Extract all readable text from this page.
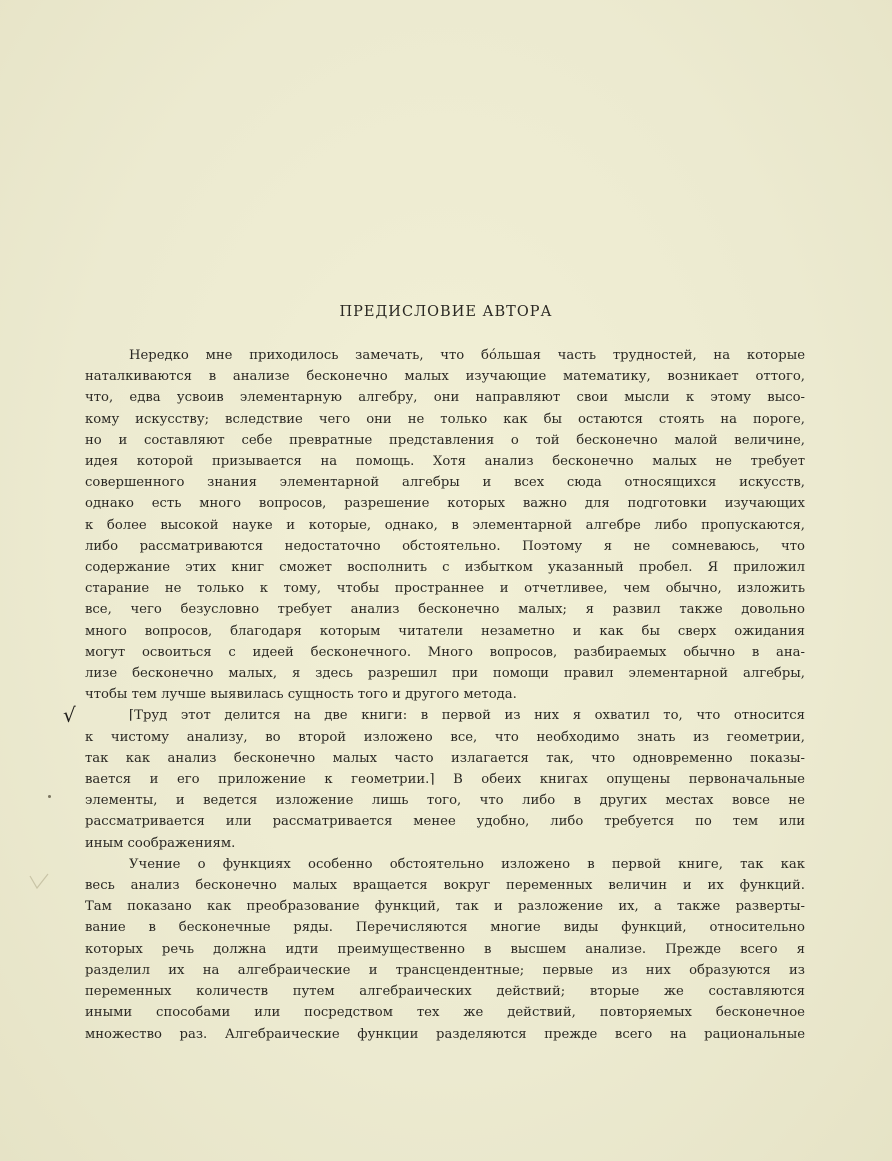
ПРЕДИСЛОВИЕ АВТОРА
√
Нередко мне приходилось замечать, что бóльшая часть трудностей, на которые
наталкиваются в анализе бесконечно малых изучающие математику, возникает оттого,
что, едва усвоив элементарную алгебру, они направляют свои мысли к этому высо-
кому искусству; вследствие чего они не только как бы остаются стоять на пороге,
но и составляют себе превратные представления о той бесконечно малой величине,
идея которой призывается на помощь. Хотя анализ бесконечно малых не требует
совершенного знания элементарной алгебры и всех сюда относящихся искусств,
однако есть много вопросов, разрешение которых важно для подготовки изучающих
к более высокой науке и которые, однако, в элементарной алгебре либо пропускаются,
либо рассматриваются недостаточно обстоятельно. Поэтому я не сомневаюсь, что
содержание этих книг сможет восполнить с избытком указанный пробел. Я приложил
старание не только к тому, чтобы пространнее и отчетливее, чем обычно, изложить
все, чего безусловно требует анализ бесконечно малых; я развил также довольно
много вопросов, благодаря которым читатели незаметно и как бы сверх ожидания
могут освоиться с идеей бесконечного. Много вопросов, разбираемых обычно в ана-
лизе бесконечно малых, я здесь разрешил при помощи правил элементарной алгебры,
чтобы тем лучше выявилась сущность того и другого метода.
⌈Труд этот делится на две книги: в первой из них я охватил то, что относится
к чистому анализу, во второй изложено все, что необходимо знать из геометрии,
так как анализ бесконечно малых часто излагается так, что одновременно показы-
вается и его приложение к геометрии.⌉ В обеих книгах опущены первоначальные
элементы, и ведется изложение лишь того, что либо в других местах вовсе не
рассматривается или рассматривается менее удобно, либо требуется по тем или
иным соображениям.
Учение о функциях особенно обстоятельно изложено в первой книге, так как
весь анализ бесконечно малых вращается вокруг переменных величин и их функций.
Там показано как преобразование функций, так и разложение их, а также разверты-
вание в бесконечные ряды. Перечисляются многие виды функций, относительно
которых речь должна идти преимущественно в высшем анализе. Прежде всего я
разделил их на алгебраические и трансцендентные; первые из них образуются из
переменных количеств путем алгебраических действий; вторые же составляются
иными способами или посредством тех же действий, повторяемых бесконечное
множество раз. Алгебраические функции разделяются прежде всего на рациональные
